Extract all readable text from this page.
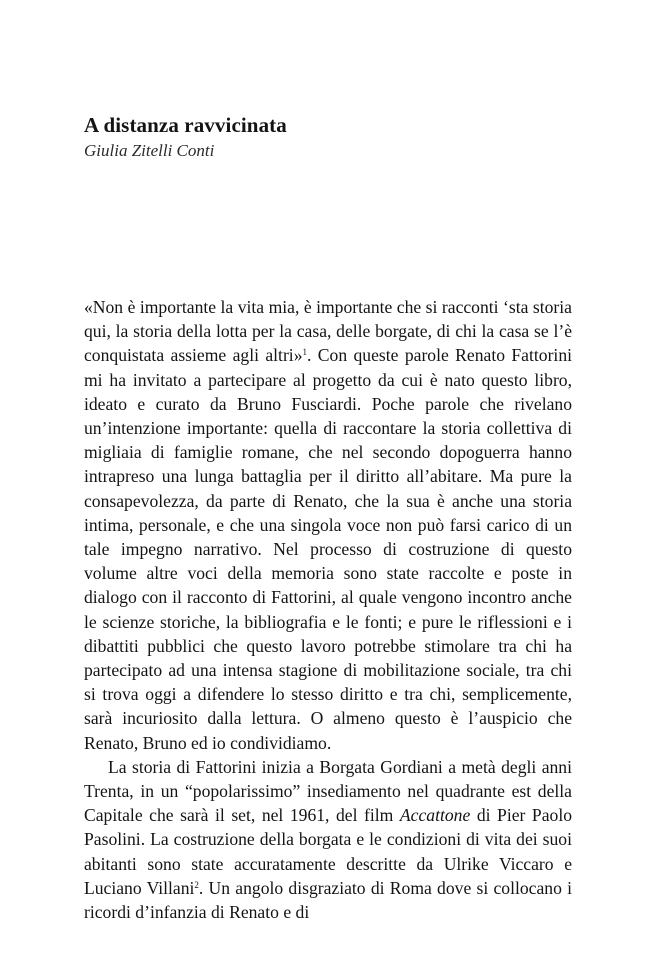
A distanza ravvicinata
Giulia Zitelli Conti

«Non è importante la vita mia, è importante che si racconti ‘sta storia qui, la storia della lotta per la casa, delle borgate, di chi la casa se l’è conquistata assieme agli altri»$^1$. Con queste parole Renato Fattorini mi ha invitato a partecipare al progetto da cui è nato questo libro, ideato e curato da Bruno Fusciardi. Poche parole che rivelano un’intenzione importante: quella di raccontare la storia collettiva di migliaia di famiglie romane, che nel secondo dopoguerra hanno intrapreso una lunga battaglia per il diritto all’abitare. Ma pure la consapevolezza, da parte di Renato, che la sua è anche una storia intima, personale, e che una singola voce non può farsi carico di un tale impegno narrativo. Nel processo di costruzione di questo volume altre voci della memoria sono state raccolte e poste in dialogo con il racconto di Fattorini, al quale vengono incontro anche le scienze storiche, la bibliografia e le fonti; e pure le riflessioni e i dibattiti pubblici che questo lavoro potrebbe stimolare tra chi ha partecipato ad una intensa stagione di mobilitazione sociale, tra chi si trova oggi a difendere lo stesso diritto e tra chi, semplicemente, sarà incuriosito dalla lettura. O almeno questo è l’auspicio che Renato, Bruno ed io condividiamo.

La storia di Fattorini inizia a Borgata Gordiani a metà degli anni Trenta, in un “popolarissimo” insediamento nel quadrante est della Capitale che sarà il set, nel 1961, del film Accattone di Pier Paolo Pasolini. La costruzione della borgata e le condizioni di vita dei suoi abitanti sono state accuratamente descritte da Ulrike Viccaro e Luciano Villani$^2$. Un angolo disgraziato di Roma dove si collocano i ricordi d’infanzia di Renato e di
